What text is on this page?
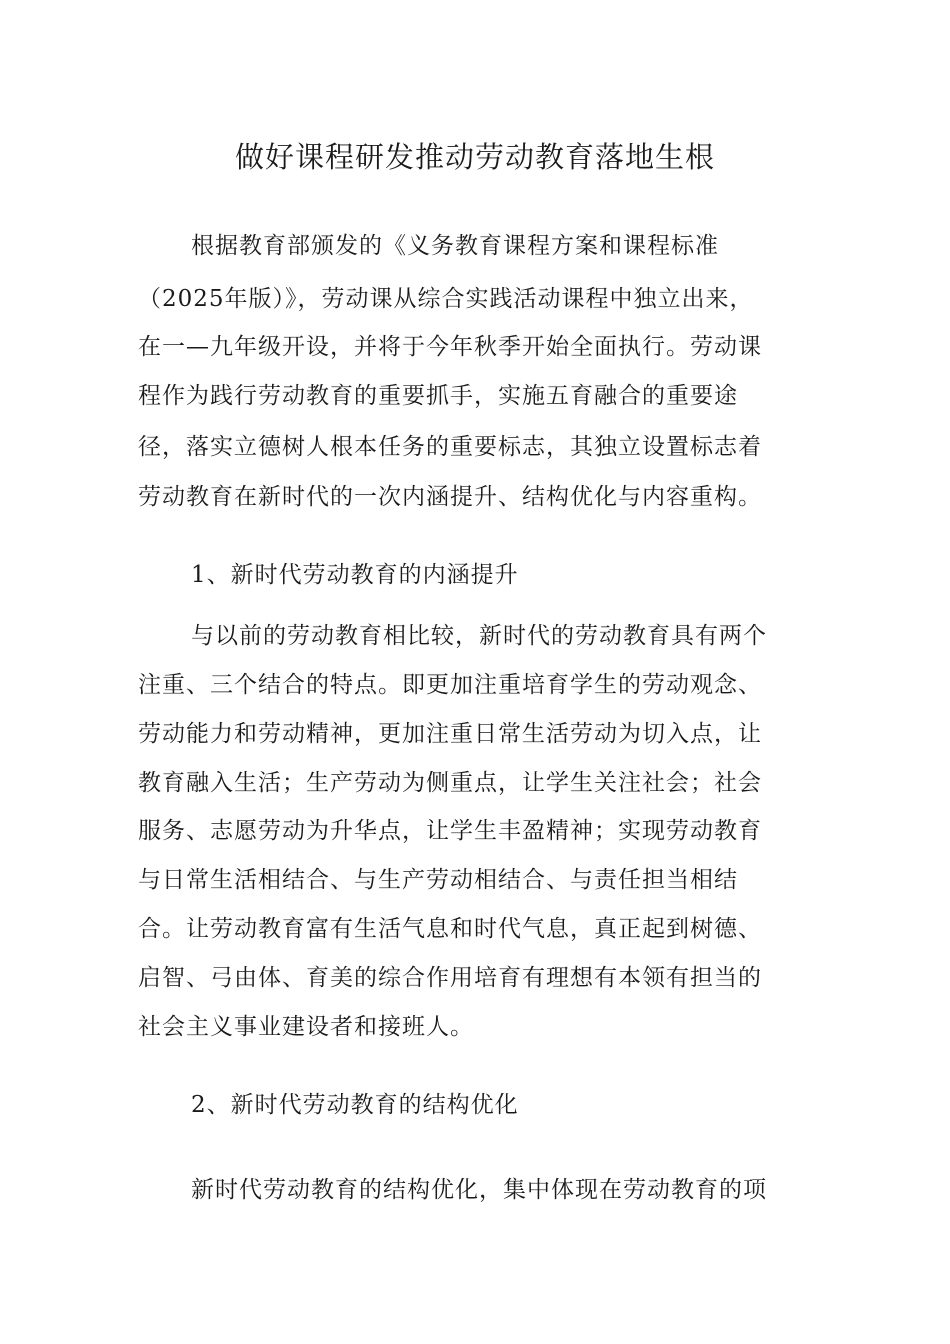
做好课程研发推动劳动教育落地生根
根据教育部颁发的《义务教育课程方案和课程标准
（2025年版）》，劳动课从综合实践活动课程中独立出来，
在一—九年级开设，并将于今年秋季开始全面执行。劳动课
程作为践行劳动教育的重要抓手，实施五育融合的重要途
径，落实立德树人根本任务的重要标志，其独立设置标志着
劳动教育在新时代的一次内涵提升、结构优化与内容重构。
1、新时代劳动教育的内涵提升
与以前的劳动教育相比较，新时代的劳动教育具有两个
注重、三个结合的特点。即更加注重培育学生的劳动观念、
劳动能力和劳动精神，更加注重日常生活劳动为切入点，让
教育融入生活；生产劳动为侧重点，让学生关注社会；社会
服务、志愿劳动为升华点，让学生丰盈精神；实现劳动教育
与日常生活相结合、与生产劳动相结合、与责任担当相结
合。让劳动教育富有生活气息和时代气息，真正起到树德、
启智、弓由体、育美的综合作用培育有理想有本领有担当的
社会主义事业建设者和接班人。
2、新时代劳动教育的结构优化
新时代劳动教育的结构优化，集中体现在劳动教育的项
